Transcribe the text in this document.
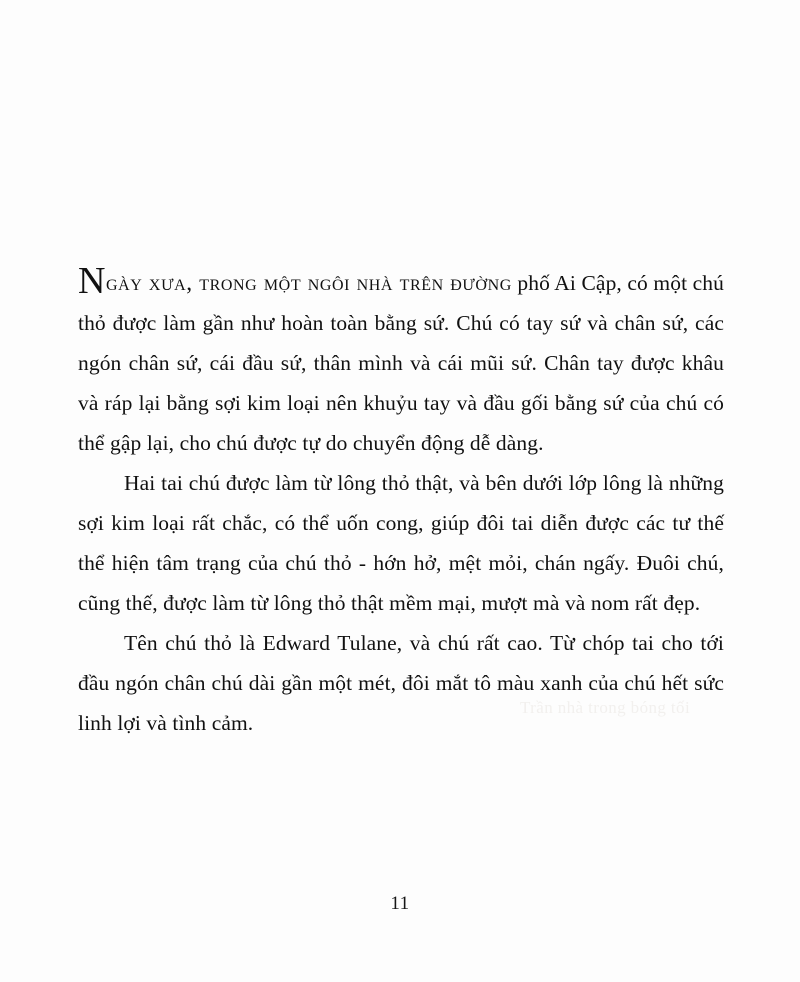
Ngày xưa, trong một ngôi nhà trên đường phố Ai Cập, có một chú thỏ được làm gần như hoàn toàn bằng sứ. Chú có tay sứ và chân sứ, các ngón chân sứ, cái đầu sứ, thân mình và cái mũi sứ. Chân tay được khâu và ráp lại bằng sợi kim loại nên khuỷu tay và đầu gối bằng sứ của chú có thể gập lại, cho chú được tự do chuyển động dễ dàng.

Hai tai chú được làm từ lông thỏ thật, và bên dưới lớp lông là những sợi kim loại rất chắc, có thể uốn cong, giúp đôi tai diễn được các tư thế thể hiện tâm trạng của chú thỏ - hớn hở, mệt mỏi, chán ngấy. Đuôi chú, cũng thế, được làm từ lông thỏ thật mềm mại, mượt mà và nom rất đẹp.

Tên chú thỏ là Edward Tulane, và chú rất cao. Từ chóp tai cho tới đầu ngón chân chú dài gần một mét, đôi mắt tô màu xanh của chú hết sức linh lợi và tình cảm.

Trần nhà trong bóng tối
11
